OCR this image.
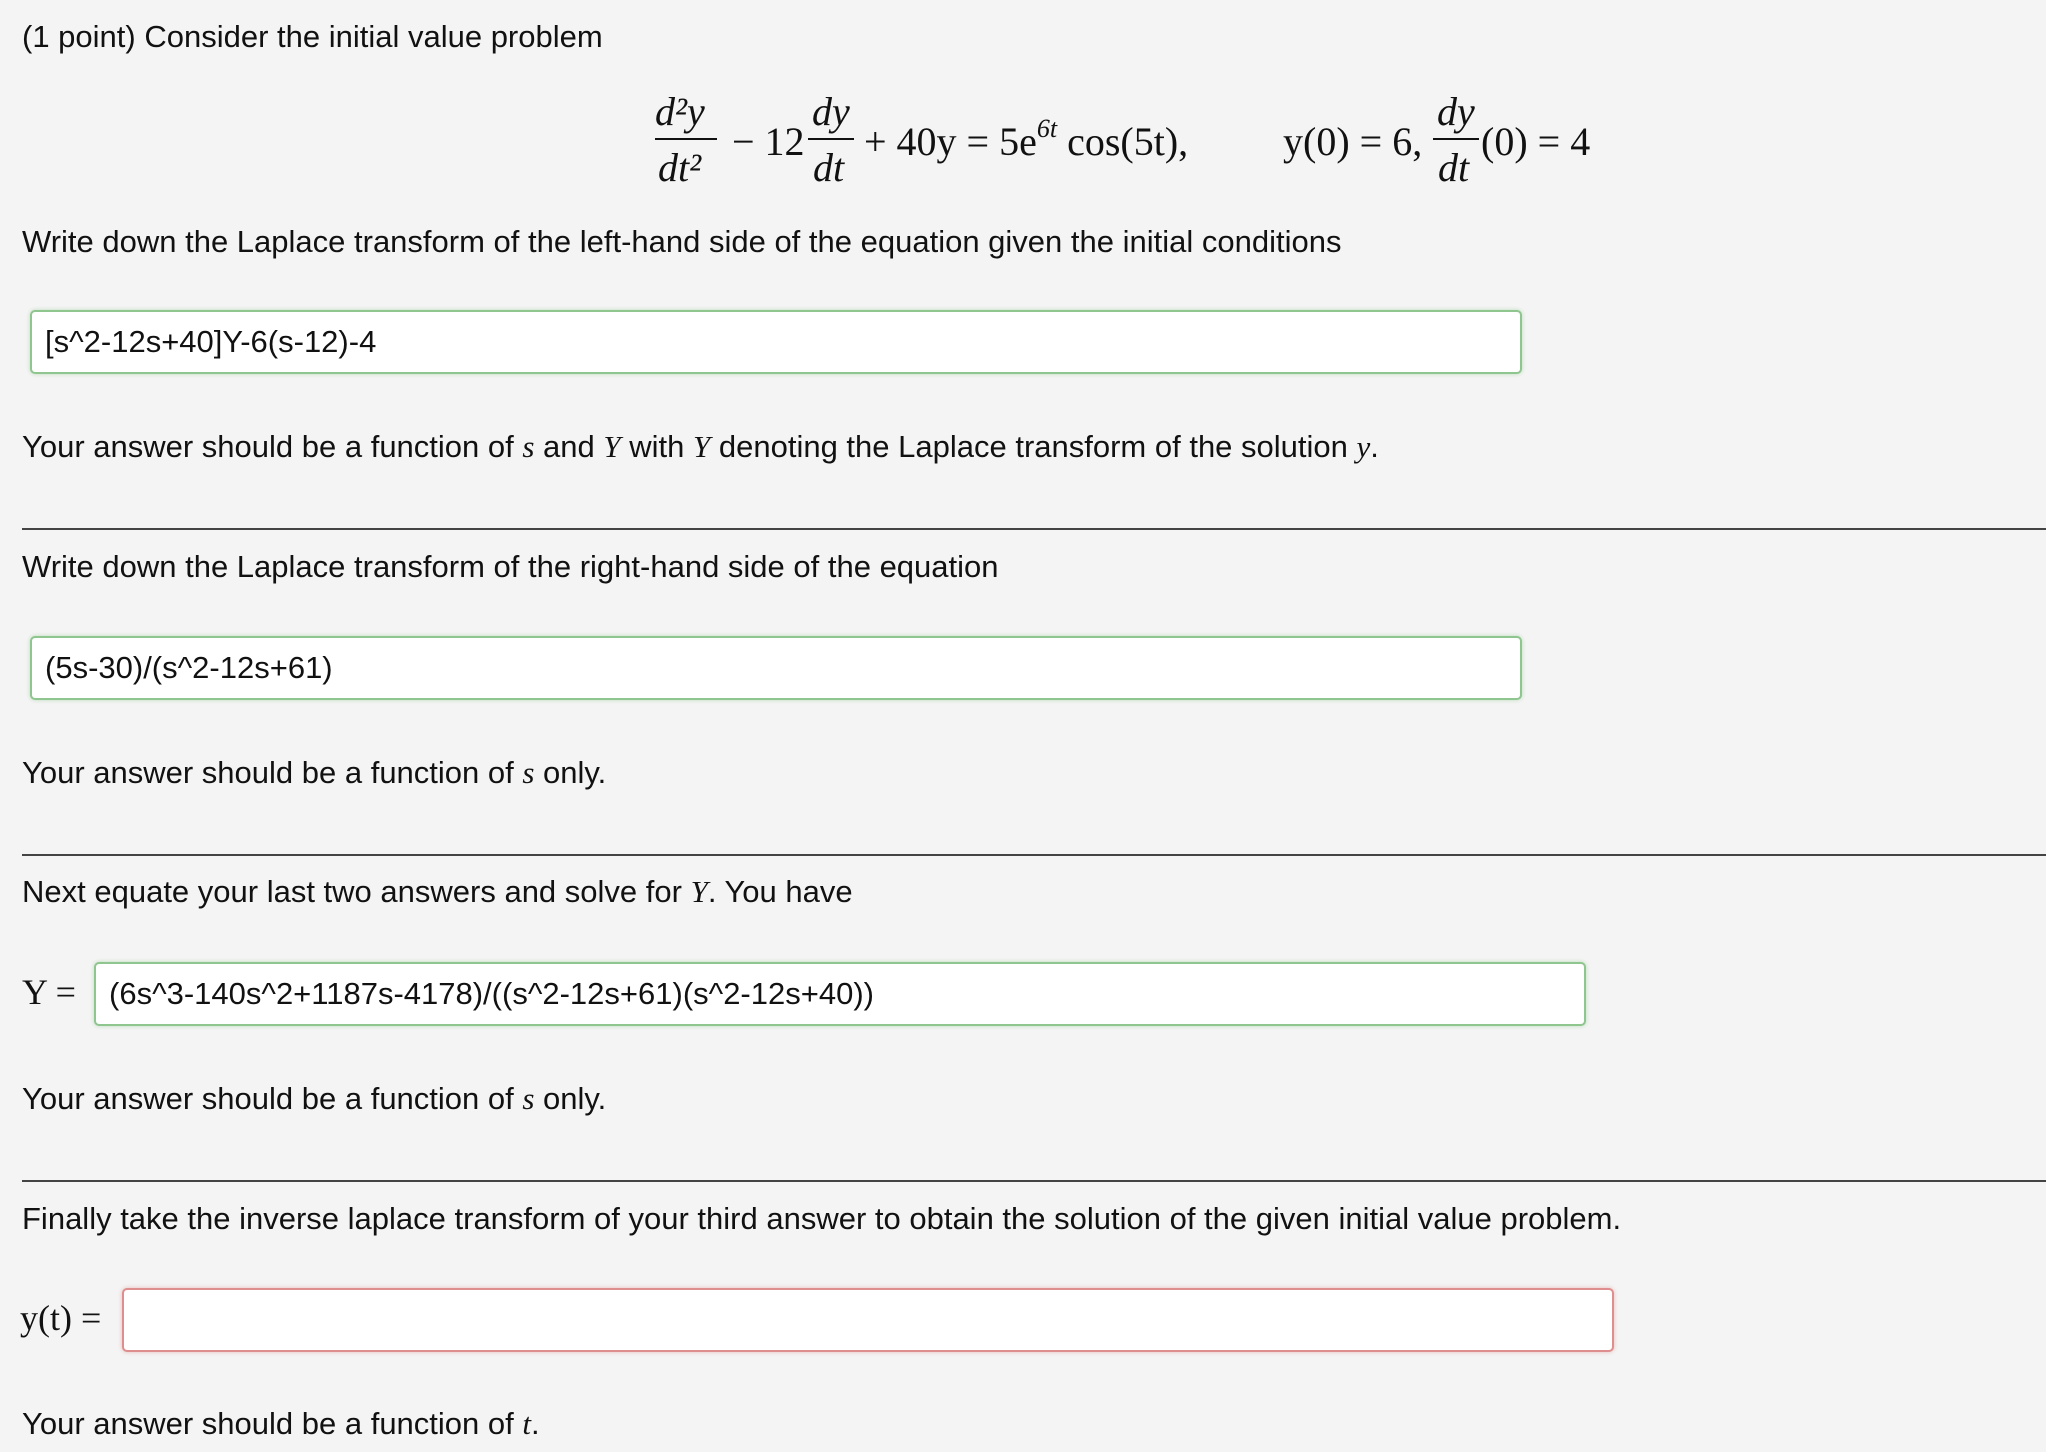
(1 point) Consider the initial value problem
d²y
dt²
− 12
dy
dt
+ $40y = 5e^{6t}$ cos(5t), y(0) = 6,
dy
dt
(0) = 4
Write down the Laplace transform of the left-hand side of the equation given the initial conditions
[s^2-12s+40]Y-6(s-12)-4
Your answer should be a function of s and Y with Y denoting the Laplace transform of the solution y.
Write down the Laplace transform of the right-hand side of the equation
(5s-30)/(s^2-12s+61)
Your answer should be a function of s only.
Next equate your last two answers and solve for Y. You have
Y =	(6s^3-140s^2+1187s-4178)/((s^2-12s+61)(s^2-12s+40))
Your answer should be a function of s only.
Finally take the inverse laplace transform of your third answer to obtain the solution of the given initial value problem.
y(t) =
Your answer should be a function of t.
